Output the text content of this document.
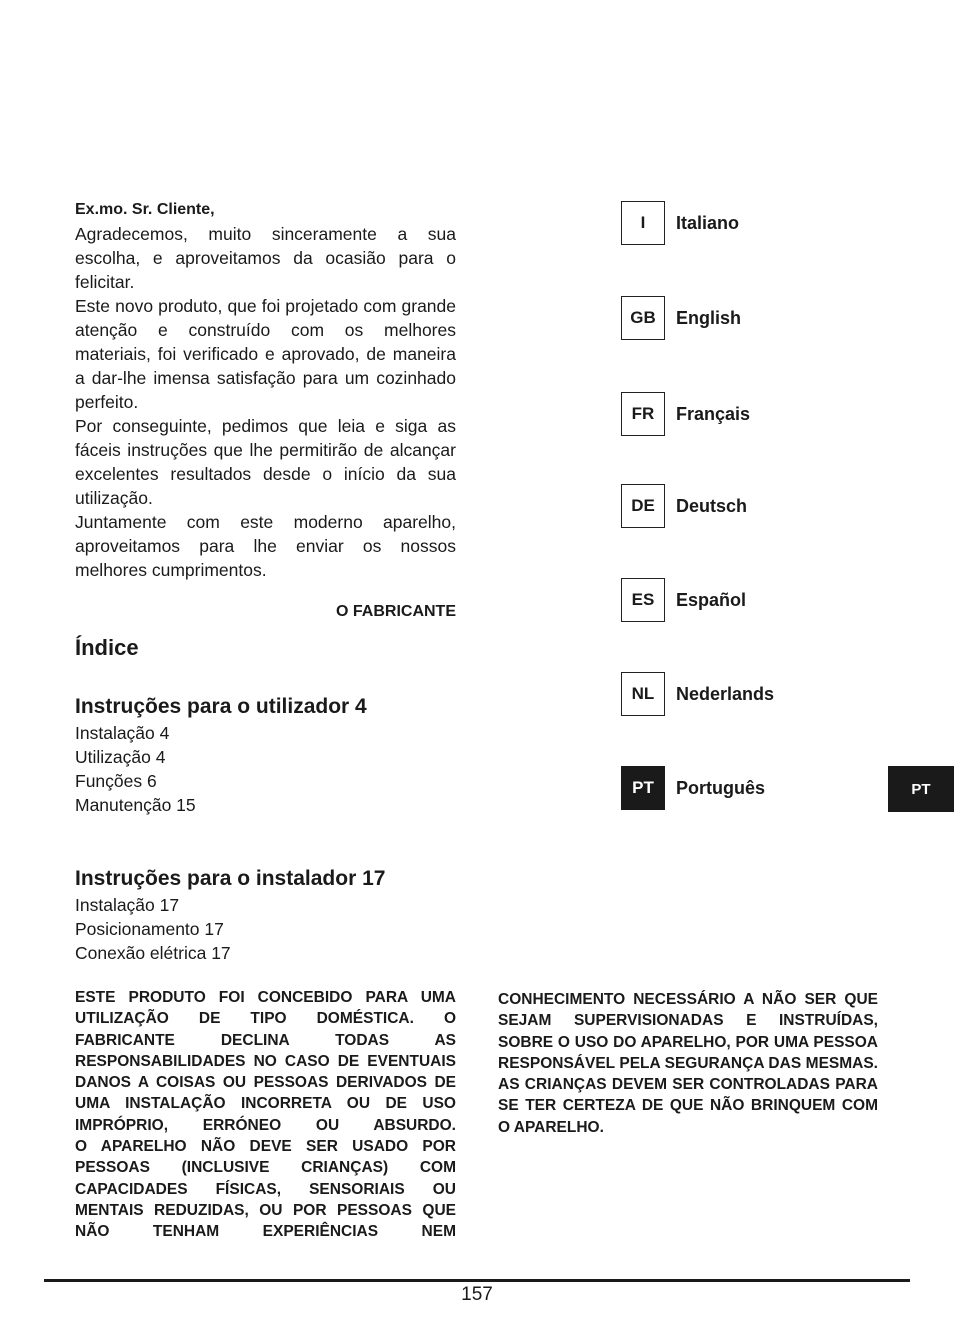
Ex.mo. Sr. Cliente,

Agradecemos, muito sinceramente a sua escolha, e aproveitamos da ocasião para o felicitar.

Este novo produto, que foi projetado com grande atenção e construído com os melhores materiais, foi verificado e aprovado, de maneira a dar-lhe imensa satisfação para um cozinhado perfeito.

Por conseguinte, pedimos que leia e siga as fáceis instruções que lhe permitirão de alcançar excelentes resultados desde o início da sua utilização.

Juntamente com este moderno aparelho, aproveitamos para lhe enviar os nossos melhores cumprimentos.

O FABRICANTE
Índice
Instruções para o utilizador 4
Instalação 4
Utilização 4
Funções 6
Manutenção 15
Instruções para o instalador 17
Instalação 17
Posicionamento 17
Conexão elétrica 17
I	Italiano
GB	English
FR	Français
DE	Deutsch
ES	Español
NL	Nederlands
PT	Português	PT

ESTE PRODUTO FOI CONCEBIDO PARA UMA UTILIZAÇÃO DE TIPO DOMÉSTICA. O FABRICANTE DECLINA TODAS AS RESPONSABILIDADES NO CASO DE EVENTUAIS DANOS A COISAS OU PESSOAS DERIVADOS DE UMA INSTALAÇÃO INCORRETA OU DE USO IMPRÓPRIO, ERRÓNEO OU ABSURDO.

O APARELHO NÃO DEVE SER USADO POR PESSOAS (INCLUSIVE CRIANÇAS) COM CAPACIDADES FÍSICAS, SENSORIAIS OU MENTAIS REDUZIDAS, OU POR PESSOAS QUE NÃO TENHAM EXPERIÊNCIAS NEM

CONHECIMENTO NECESSÁRIO A NÃO SER QUE SEJAM SUPERVISIONADAS E INSTRUÍDAS, SOBRE O USO DO APARELHO, POR UMA PESSOA RESPONSÁVEL PELA SEGURANÇA DAS MESMAS. AS CRIANÇAS DEVEM SER CONTROLADAS PARA SE TER CERTEZA DE QUE NÃO BRINQUEM COM O APARELHO.

157
